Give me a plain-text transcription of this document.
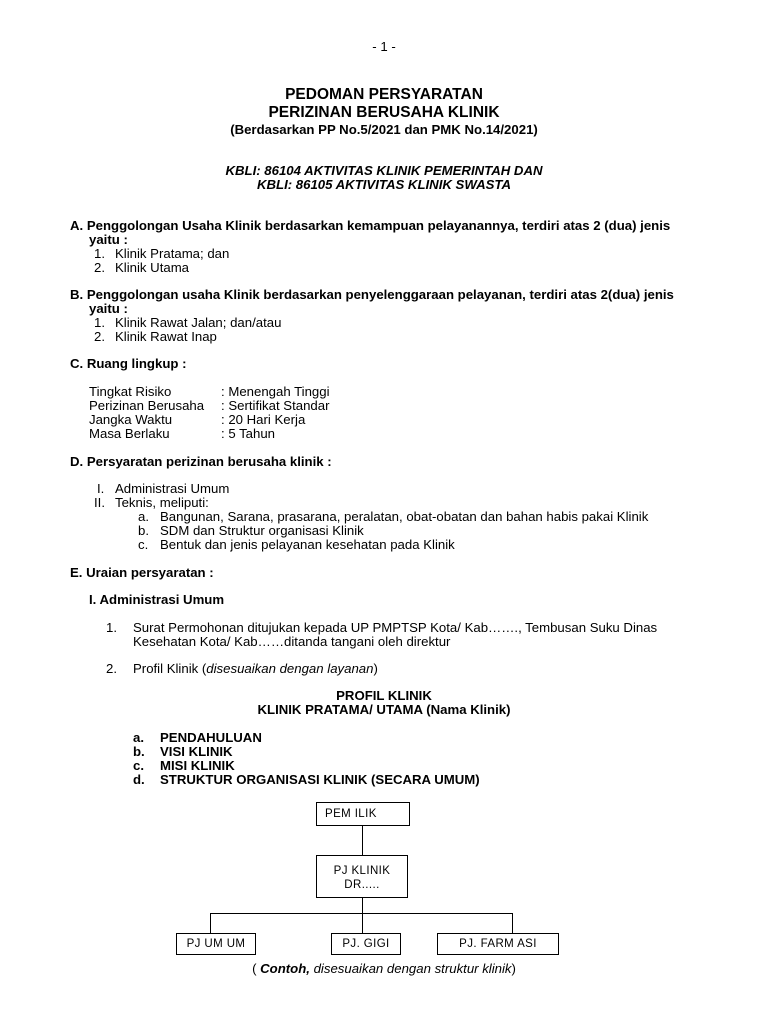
- 1 -
PEDOMAN PERSYARATAN
PERIZINAN BERUSAHA KLINIK
(Berdasarkan PP No.5/2021 dan PMK No.14/2021)
KBLI: 86104 AKTIVITAS KLINIK PEMERINTAH DAN
KBLI: 86105 AKTIVITAS KLINIK SWASTA
A. Penggolongan Usaha Klinik berdasarkan kemampuan pelayanannya, terdiri atas 2 (dua) jenis
yaitu :
1. Klinik Pratama; dan
2. Klinik Utama
B. Penggolongan usaha Klinik berdasarkan penyelenggaraan pelayanan, terdiri atas 2(dua) jenis
yaitu :
1. Klinik Rawat Jalan; dan/atau
2. Klinik Rawat Inap
C. Ruang lingkup :
Tingkat Risiko	: Menengah Tinggi
Perizinan Berusaha : Sertifikat Standar
Jangka Waktu	: 20 Hari Kerja
Masa Berlaku	: 5 Tahun
D. Persyaratan perizinan berusaha klinik :
I. Administrasi Umum
II. Teknis, meliputi:
a. Bangunan, Sarana, prasarana, peralatan, obat-obatan dan bahan habis pakai Klinik
b. SDM dan Struktur organisasi Klinik
c. Bentuk dan jenis pelayanan kesehatan pada Klinik
E. Uraian persyaratan :
I. Administrasi Umum
1. Surat Permohonan ditujukan kepada UP PMPTSP Kota/ Kab……., Tembusan Suku Dinas
Kesehatan Kota/ Kab……ditanda tangani oleh direktur
2. Profil Klinik (disesuaikan dengan layanan)
PROFIL KLINIK
KLINIK PRATAMA/ UTAMA (Nama Klinik)
a. PENDAHULUAN
b. VISI KLINIK
c. MISI KLINIK
d. STRUKTUR ORGANISASI KLINIK (SECARA UMUM)
PEM ILIK
PJ KLINIK
DR.....
PJ UM UM	PJ. GIGI	PJ. FARM ASI
( Contoh, disesuaikan dengan struktur klinik)
